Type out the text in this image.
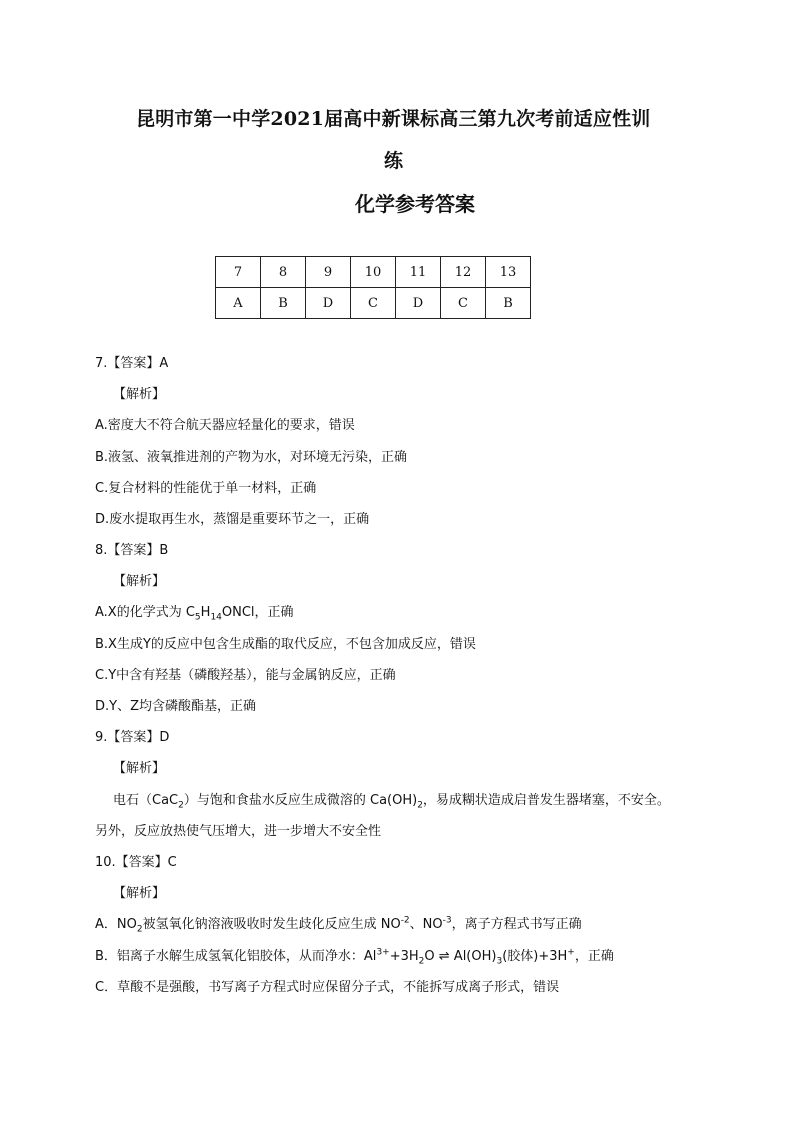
昆明市第一中学2021届高中新课标高三第九次考前适应性训
练
化学参考答案
7	8	9	10	11	12	13
A	B	D	C	D	C	B
7.【答案】A
【解析】
A.密度大不符合航天器应轻量化的要求，错误
B.液氢、液氧推进剂的产物为水，对环境无污染，正确
C.复合材料的性能优于单一材料，正确
D.废水提取再生水，蒸馏是重要环节之一，正确
8.【答案】B
【解析】
A.X的化学式为 $C_5H_{14}ONCl$，正确
B.X生成Y的反应中包含生成酯的取代反应，不包含加成反应，错误
C.Y中含有羟基（磷酸羟基），能与金属钠反应，正确
D.Y、Z均含磷酸酯基，正确
9.【答案】D
【解析】
电石（CaC$_2$）与饱和食盐水反应生成微溶的 $Ca(OH)_2$，易成糊状造成启普发生器堵塞，不安全。
另外，反应放热使气压增大，进一步增大不安全性
10.【答案】C
【解析】
A．$NO_2$被氢氧化钠溶液吸收时发生歧化反应生成 $NO^{-2}$、$NO^{-3}$，离子方程式书写正确
B．铝离子水解生成氢氧化铝胶体，从而净水：$Al^{3+}+3H_2O$ ⇌ $Al(OH)_3$(胶体)+3H+，正确
C．草酸不是强酸，书写离子方程式时应保留分子式，不能拆写成离子形式，错误
